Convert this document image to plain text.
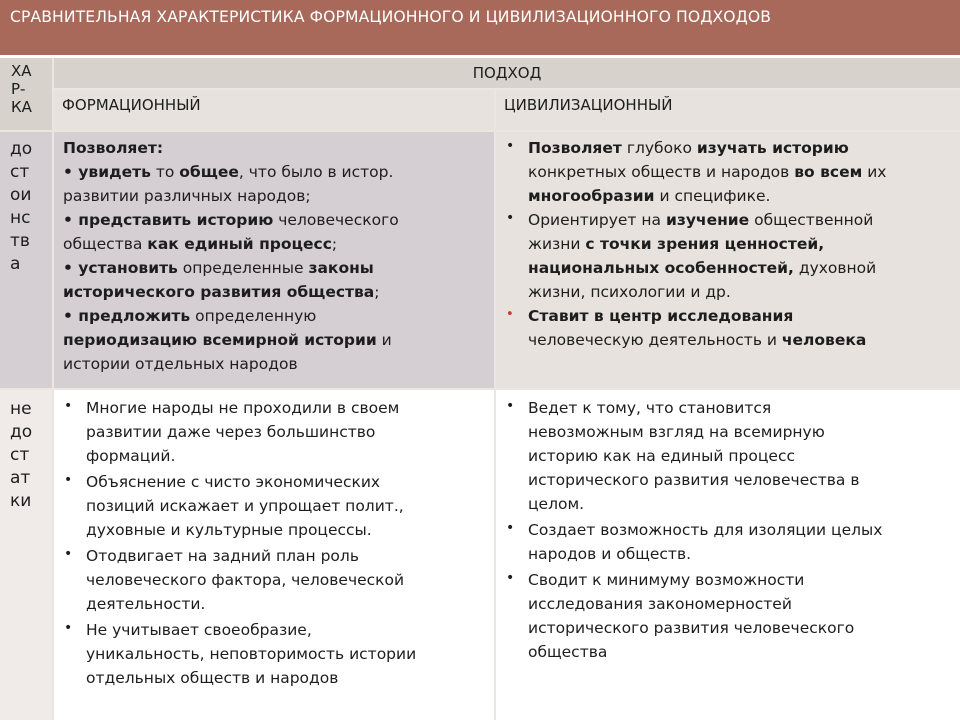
СРАВНИТЕЛЬНАЯ ХАРАКТЕРИСТИКА ФОРМАЦИОННОГО И ЦИВИЛИЗАЦИОННОГО ПОДХОДОВ
ХА
Р-
КА
ПОДХОД
ФОРМАЦИОННЫЙ	ЦИВИЛИЗАЦИОННЫЙ
до
ст
ои
нс
тв
а
Позволяет:
• увидеть то общее, что было в истор.
развитии различных народов;
• представить историю человеческого
общества как единый процесс;
• установить определенные законы
исторического развития общества;
• предложить определенную
периодизацию всемирной истории и
истории отдельных народов
• Позволяет глубоко изучать историю
конкретных обществ и народов во всем их
многообразии и специфике.
• Ориентирует на изучение общественной
жизни с точки зрения ценностей,
национальных особенностей, духовной
жизни, психологии и др.
• Ставит в центр исследования
человеческую деятельность и человека
не
до
ст
ат
ки
• Многие народы не проходили в своем
развитии даже через большинство
формаций.
• Объяснение с чисто экономических
позиций искажает и упрощает полит.,
духовные и культурные процессы.
• Отодвигает на задний план роль
человеческого фактора, человеческой
деятельности.
• Не учитывает своеобразие,
уникальность, неповторимость истории
отдельных обществ и народов
• Ведет к тому, что становится
невозможным взгляд на всемирную
историю как на единый процесс
исторического развития человечества в
целом.
• Создает возможность для изоляции целых
народов и обществ.
• Сводит к минимуму возможности
исследования закономерностей
исторического развития человеческого
общества
